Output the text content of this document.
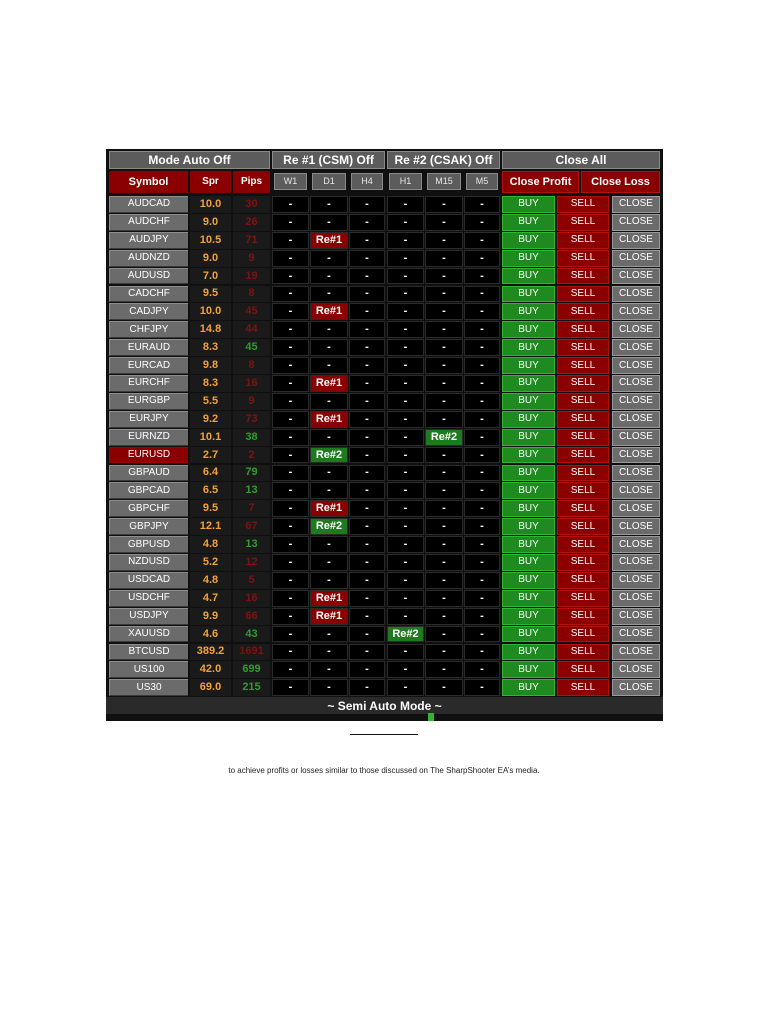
Mode Auto Off	Re #1 (CSM) Off	Re #2 (CSAK) Off	Close All
Symbol	Spr	Pips	W1	D1	H4	H1	M15	M5	Close Profit	Close Loss
AUDCAD	10.0	30	-	-	-	-	-	-	BUY	SELL	CLOSE
AUDCHF	9.0	26	-	-	-	-	-	-	BUY	SELL	CLOSE
AUDJPY	10.5	71	-	Re#1	-	-	-	-	BUY	SELL	CLOSE
AUDNZD	9.0	9	-	-	-	-	-	-	BUY	SELL	CLOSE
AUDUSD	7.0	19	-	-	-	-	-	-	BUY	SELL	CLOSE
CADCHF	9.5	8	-	-	-	-	-	-	BUY	SELL	CLOSE
CADJPY	10.0	45	-	Re#1	-	-	-	-	BUY	SELL	CLOSE
CHFJPY	14.8	44	-	-	-	-	-	-	BUY	SELL	CLOSE
EURAUD	8.3	45	-	-	-	-	-	-	BUY	SELL	CLOSE
EURCAD	9.8	8	-	-	-	-	-	-	BUY	SELL	CLOSE
EURCHF	8.3	16	-	Re#1	-	-	-	-	BUY	SELL	CLOSE
EURGBP	5.5	9	-	-	-	-	-	-	BUY	SELL	CLOSE
EURJPY	9.2	73	-	Re#1	-	-	-	-	BUY	SELL	CLOSE
EURNZD	10.1	38	-	-	-	-	Re#2	-	BUY	SELL	CLOSE
EURUSD	2.7	2	-	Re#2	-	-	-	-	BUY	SELL	CLOSE
GBPAUD	6.4	79	-	-	-	-	-	-	BUY	SELL	CLOSE
GBPCAD	6.5	13	-	-	-	-	-	-	BUY	SELL	CLOSE
GBPCHF	9.5	7	-	Re#1	-	-	-	-	BUY	SELL	CLOSE
GBPJPY	12.1	67	-	Re#2	-	-	-	-	BUY	SELL	CLOSE
GBPUSD	4.8	13	-	-	-	-	-	-	BUY	SELL	CLOSE
NZDUSD	5.2	12	-	-	-	-	-	-	BUY	SELL	CLOSE
USDCAD	4.8	5	-	-	-	-	-	-	BUY	SELL	CLOSE
USDCHF	4.7	16	-	Re#1	-	-	-	-	BUY	SELL	CLOSE
USDJPY	9.9	66	-	Re#1	-	-	-	-	BUY	SELL	CLOSE
XAUUSD	4.6	43	-	-	-	Re#2	-	-	BUY	SELL	CLOSE
BTCUSD	389.2	1691	-	-	-	-	-	-	BUY	SELL	CLOSE
US100	42.0	699	-	-	-	-	-	-	BUY	SELL	CLOSE
US30	69.0	215	-	-	-	-	-	-	BUY	SELL	CLOSE
~ Semi Auto Mode ~
to achieve profits or losses similar to those discussed on The SharpShooter EA’s media.
